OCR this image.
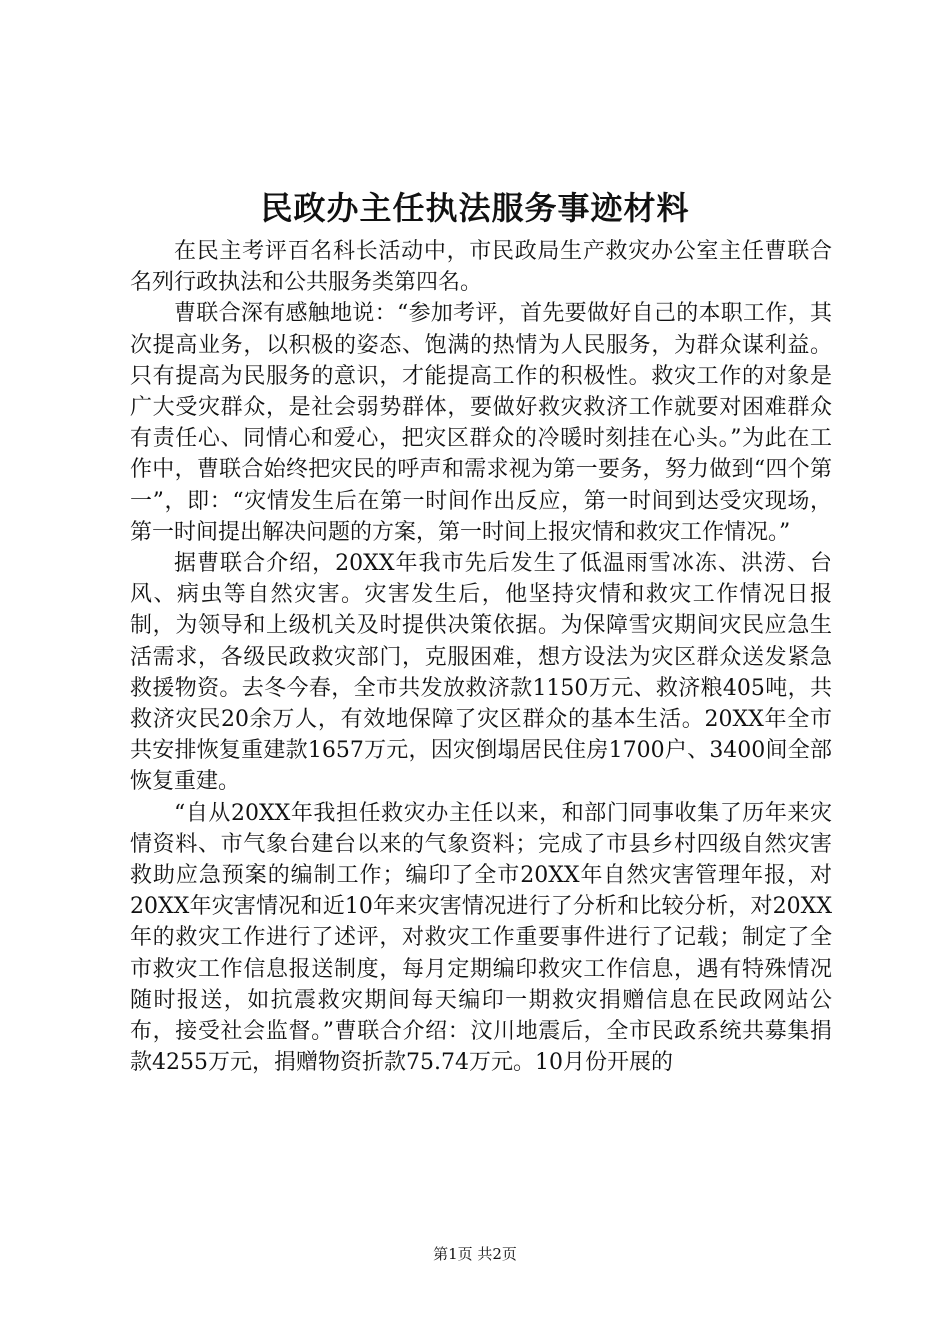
民政办主任执法服务事迹材料

在民主考评百名科长活动中，市民政局生产救灾办公室主任曹联合名列行政执法和公共服务类第四名。

曹联合深有感触地说：“参加考评，首先要做好自己的本职工作，其次提高业务，以积极的姿态、饱满的热情为人民服务，为群众谋利益。只有提高为民服务的意识，才能提高工作的积极性。救灾工作的对象是广大受灾群众，是社会弱势群体，要做好救灾救济工作就要对困难群众有责任心、同情心和爱心，把灾区群众的冷暖时刻挂在心头。”为此在工作中，曹联合始终把灾民的呼声和需求视为第一要务，努力做到“四个第一”，即：“灾情发生后在第一时间作出反应，第一时间到达受灾现场，第一时间提出解决问题的方案，第一时间上报灾情和救灾工作情况。”

据曹联合介绍，20XX年我市先后发生了低温雨雪冰冻、洪涝、台风、病虫等自然灾害。灾害发生后，他坚持灾情和救灾工作情况日报制，为领导和上级机关及时提供决策依据。为保障雪灾期间灾民应急生活需求，各级民政救灾部门，克服困难，想方设法为灾区群众送发紧急救援物资。去冬今春，全市共发放救济款1150万元、救济粮405吨，共救济灾民20余万人，有效地保障了灾区群众的基本生活。20XX年全市共安排恢复重建款1657万元，因灾倒塌居民住房1700户、3400间全部恢复重建。

“自从20XX年我担任救灾办主任以来，和部门同事收集了历年来灾情资料、市气象台建台以来的气象资料；完成了市县乡村四级自然灾害救助应急预案的编制工作；编印了全市20XX年自然灾害管理年报，对20XX年灾害情况和近10年来灾害情况进行了分析和比较分析，对20XX年的救灾工作进行了述评，对救灾工作重要事件进行了记载；制定了全市救灾工作信息报送制度，每月定期编印救灾工作信息，遇有特殊情况随时报送，如抗震救灾期间每天编印一期救灾捐赠信息在民政网站公布，接受社会监督。”曹联合介绍：汶川地震后，全市民政系统共募集捐款4255万元，捐赠物资折款75.74万元。10月份开展的

第1页 共2页
